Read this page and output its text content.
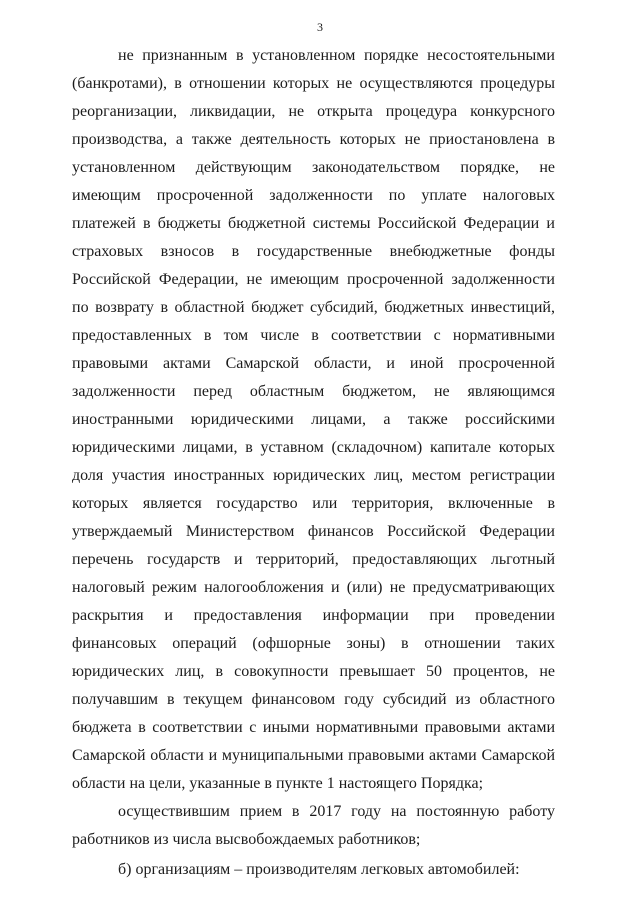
3

не признанным в установленном порядке несостоятельными (банкротами), в отношении которых не осуществляются процедуры реорганизации, ликвидации, не открыта процедура конкурсного производства, а также деятельность которых не приостановлена в установленном действующим законодательством порядке, не имеющим просроченной задолженности по уплате налоговых платежей в бюджеты бюджетной системы Российской Федерации и страховых взносов в государственные внебюджетные фонды Российской Федерации, не имеющим просроченной задолженности по возврату в областной бюджет субсидий, бюджетных инвестиций, предоставленных в том числе в соответствии с нормативными правовыми актами Самарской области, и иной просроченной задолженности перед областным бюджетом, не являющимся иностранными юридическими лицами, а также российскими юридическими лицами, в уставном (складочном) капитале которых доля участия иностранных юридических лиц, местом регистрации которых является государство или территория, включенные в утверждаемый Министерством финансов Российской Федерации перечень государств и территорий, предоставляющих льготный налоговый режим налогообложения и (или) не предусматривающих раскрытия и предоставления информации при проведении финансовых операций (офшорные зоны) в отношении таких юридических лиц, в совокупности превышает 50 процентов, не получавшим в текущем финансовом году субсидий из областного бюджета в соответствии с иными нормативными правовыми актами Самарской области и муниципальными правовыми актами Самарской области на цели, указанные в пункте 1 настоящего Порядка;

осуществившим прием в 2017 году на постоянную работу работников из числа высвобождаемых работников;

б) организациям – производителям легковых автомобилей:
